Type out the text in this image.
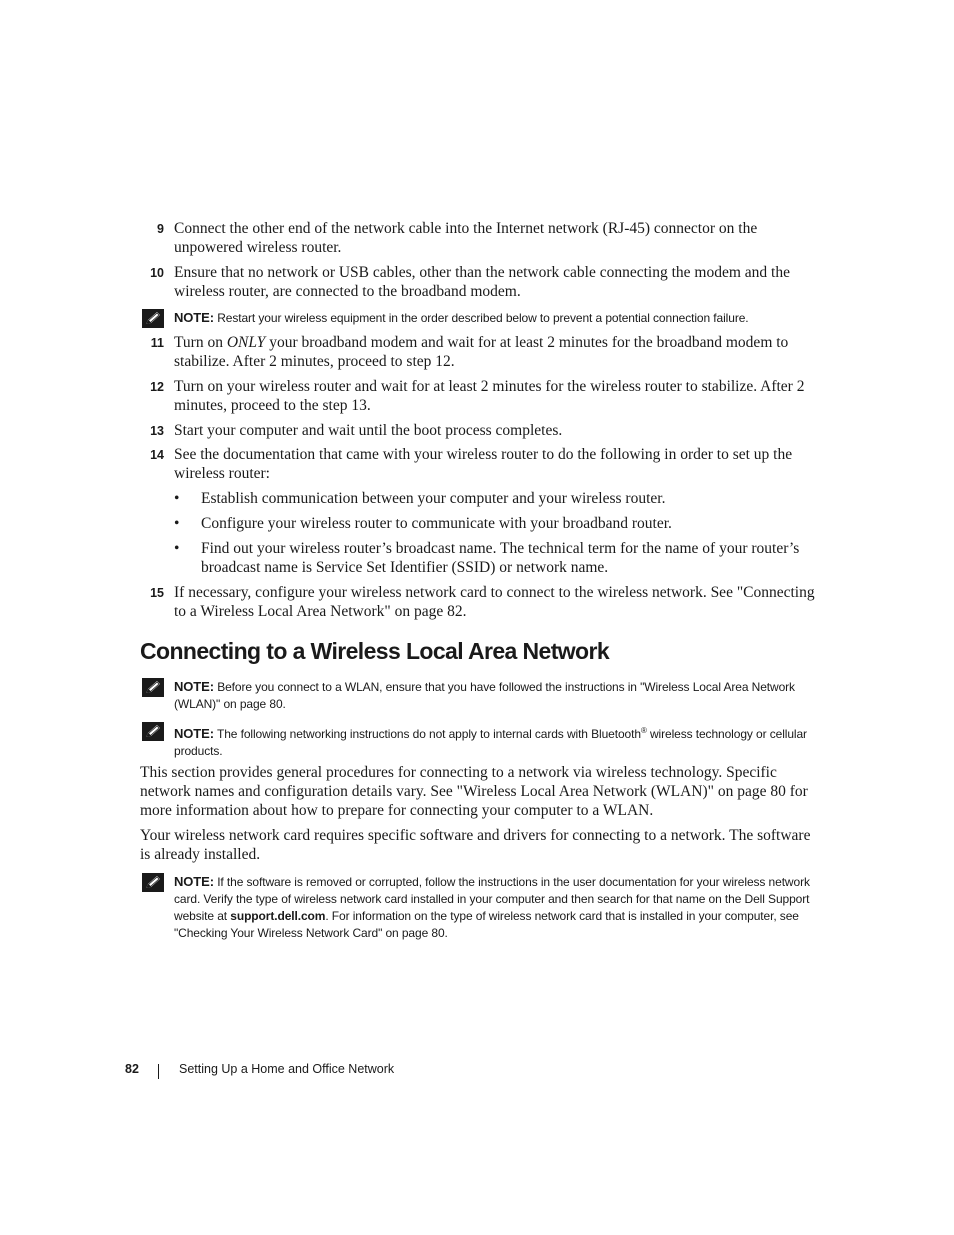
9 Connect the other end of the network cable into the Internet network (RJ-45) connector on the unpowered wireless router.
10 Ensure that no network or USB cables, other than the network cable connecting the modem and the wireless router, are connected to the broadband modem.
NOTE: Restart your wireless equipment in the order described below to prevent a potential connection failure.
11 Turn on ONLY your broadband modem and wait for at least 2 minutes for the broadband modem to stabilize. After 2 minutes, proceed to step 12.
12 Turn on your wireless router and wait for at least 2 minutes for the wireless router to stabilize. After 2 minutes, proceed to the step 13.
13 Start your computer and wait until the boot process completes.
14 See the documentation that came with your wireless router to do the following in order to set up the wireless router:
• Establish communication between your computer and your wireless router.
• Configure your wireless router to communicate with your broadband router.
• Find out your wireless router’s broadcast name. The technical term for the name of your router’s broadcast name is Service Set Identifier (SSID) or network name.
15 If necessary, configure your wireless network card to connect to the wireless network. See "Connecting to a Wireless Local Area Network" on page 82.
Connecting to a Wireless Local Area Network
NOTE: Before you connect to a WLAN, ensure that you have followed the instructions in "Wireless Local Area Network (WLAN)" on page 80.
NOTE: The following networking instructions do not apply to internal cards with Bluetooth® wireless technology or cellular products.
This section provides general procedures for connecting to a network via wireless technology. Specific network names and configuration details vary. See "Wireless Local Area Network (WLAN)" on page 80 for more information about how to prepare for connecting your computer to a WLAN.
Your wireless network card requires specific software and drivers for connecting to a network. The software is already installed.
NOTE: If the software is removed or corrupted, follow the instructions in the user documentation for your wireless network card. Verify the type of wireless network card installed in your computer and then search for that name on the Dell Support website at support.dell.com. For information on the type of wireless network card that is installed in your computer, see "Checking Your Wireless Network Card" on page 80.
82	Setting Up a Home and Office Network
